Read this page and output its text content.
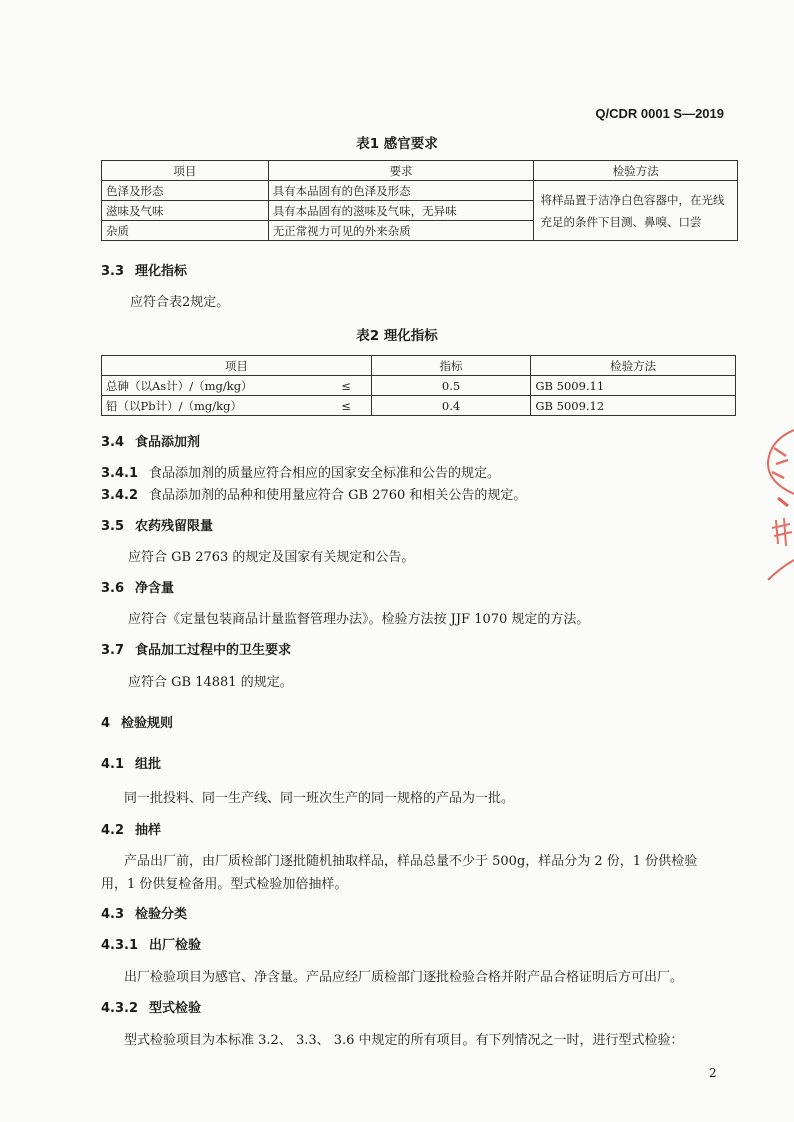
Q/CDR 0001 S—2019
表1 感官要求
项目	要求	检验方法
色泽及形态	具有本品固有的色泽及形态	将样品置于洁净白色容器中，在光线充足的条件下目测、鼻嗅、口尝
滋味及气味	具有本品固有的滋味及气味，无异味	
杂质	无正常视力可见的外来杂质	
3.3 理化指标
应符合表2规定。
表2 理化指标
项目		指标	检验方法
总砷（以As计）/（mg/kg）	≤	0.5	GB 5009.11
铅（以Pb计）/（mg/kg）	≤	0.4	GB 5009.12
3.4 食品添加剂
3.4.1 食品添加剂的质量应符合相应的国家安全标准和公告的规定。
3.4.2 食品添加剂的品种和使用量应符合 GB 2760 和相关公告的规定。
3.5 农药残留限量
应符合 GB 2763 的规定及国家有关规定和公告。
3.6 净含量
应符合《定量包装商品计量监督管理办法》。检验方法按 JJF 1070 规定的方法。
3.7 食品加工过程中的卫生要求
应符合 GB 14881 的规定。
4 检验规则
4.1 组批
同一批投料、同一生产线、同一班次生产的同一规格的产品为一批。
4.2 抽样
产品出厂前，由厂质检部门逐批随机抽取样品，样品总量不少于 500g，样品分为 2 份，1 份供检验
用，1 份供复检备用。型式检验加倍抽样。
4.3 检验分类
4.3.1 出厂检验
出厂检验项目为感官、净含量。产品应经厂质检部门逐批检验合格并附产品合格证明后方可出厂。
4.3.2 型式检验
型式检验项目为本标准 3.2、 3.3、 3.6 中规定的所有项目。有下列情况之一时，进行型式检验：
2
